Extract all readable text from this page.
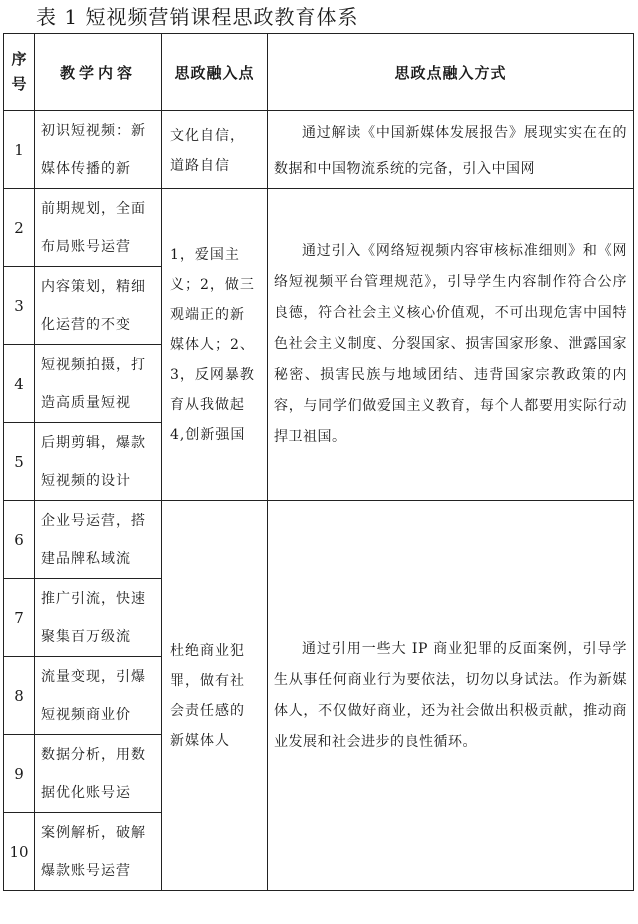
表 1 短视频营销课程思政教育体系
序
号	教学内容	思政融入点	思政点融入方式
1	初识短视频：新媒体传播的新	文化自信，道路自信	通过解读《中国新媒体发展报告》展现实实在在的数据和中国物流系统的完备，引入中国网

2	前期规划，全面布局账号运营	1，爱国主义；2，做三观端正的新媒体人；2、3，反网暴教育从我做起 4,创新强国	通过引入《网络短视频内容审核标准细则》和《网络短视频平台管理规范》，引导学生内容制作符合公序良德，符合社会主义核心价值观，不可出现危害中国特色社会主义制度、分裂国家、损害国家形象、泄露国家秘密、损害民族与地域团结、违背国家宗教政策的内容，与同学们做爱国主义教育，每个人都要用实际行动捍卫祖国。

3	内容策划，精细化运营的不变		

4	短视频拍摄，打造高质量短视		

5	后期剪辑，爆款短视频的设计		

6	企业号运营，搭建品牌私域流	杜绝商业犯罪，做有社会责任感的新媒体人	通过引用一些大 IP 商业犯罪的反面案例，引导学生从事任何商业行为要依法，切勿以身试法。作为新媒体人，不仅做好商业，还为社会做出积极贡献，推动商业发展和社会进步的良性循环。

7	推广引流，快速聚集百万级流		

8	流量变现，引爆短视频商业价		

9	数据分析，用数据优化账号运		

10	案例解析，破解爆款账号运营		
